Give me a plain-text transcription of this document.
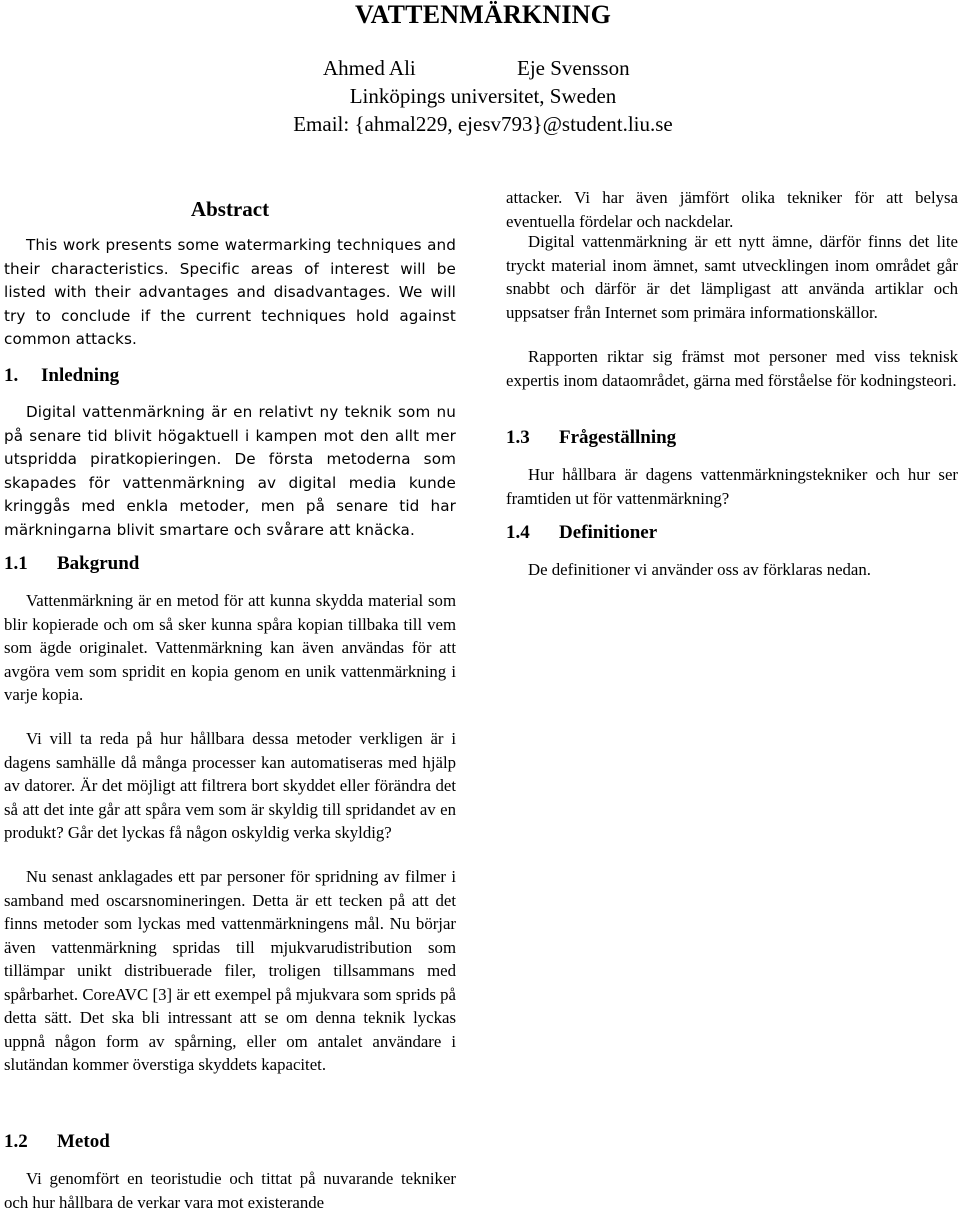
VATTENMÄRKNING
Ahmed Ali	Eje Svensson
Linköpings universitet, Sweden
Email: {ahmal229, ejesv793}@student.liu.se
Abstract

This work presents some watermarking techniques and their characteristics. Specific areas of interest will be listed with their advantages and disadvantages. We will try to conclude if the current techniques hold against common attacks.

1. Inledning

Digital vattenmärkning är en relativt ny teknik som nu på senare tid blivit högaktuell i kampen mot den allt mer utspridda piratkopieringen. De första metoderna som skapades för vattenmärkning av digital media kunde kringgås med enkla metoder, men på senare tid har märkningarna blivit smartare och svårare att knäcka.

1.1 Bakgrund

Vattenmärkning är en metod för att kunna skydda material som blir kopierade och om så sker kunna spåra kopian tillbaka till vem som ägde originalet. Vattenmärkning kan även användas för att avgöra vem som spridit en kopia genom en unik vattenmärkning i varje kopia.

Vi vill ta reda på hur hållbara dessa metoder verkligen är i dagens samhälle då många processer kan automatiseras med hjälp av datorer. Är det möjligt att filtrera bort skyddet eller förändra det så att det inte går att spåra vem som är skyldig till spridandet av en produkt? Går det lyckas få någon oskyldig verka skyldig?

Nu senast anklagades ett par personer för spridning av filmer i samband med oscarsnomineringen. Detta är ett tecken på att det finns metoder som lyckas med vattenmärkningens mål. Nu börjar även vattenmärkning spridas till mjukvarudistribution som tillämpar unikt distribuerade filer, troligen tillsammans med spårbarhet. CoreAVC [3] är ett exempel på mjukvara som sprids på detta sätt. Det ska bli intressant att se om denna teknik lyckas uppnå någon form av spårning, eller om antalet användare i slutändan kommer överstiga skyddets kapacitet.

1.2 Metod

Vi genomfört en teoristudie och tittat på nuvarande tekniker och hur hållbara de verkar vara mot existerande

attacker. Vi har även jämfört olika tekniker för att belysa eventuella fördelar och nackdelar.

Digital vattenmärkning är ett nytt ämne, därför finns det lite tryckt material inom ämnet, samt utvecklingen inom området går snabbt och därför är det lämpligast att använda artiklar och uppsatser från Internet som primära informationskällor.

Rapporten riktar sig främst mot personer med viss teknisk expertis inom dataområdet, gärna med förståelse för kodningsteori.

1.3 Frågeställning

Hur hållbara är dagens vattenmärkningstekniker och hur ser framtiden ut för vattenmärkning?

1.4 Definitioner

De definitioner vi använder oss av förklaras nedan.
